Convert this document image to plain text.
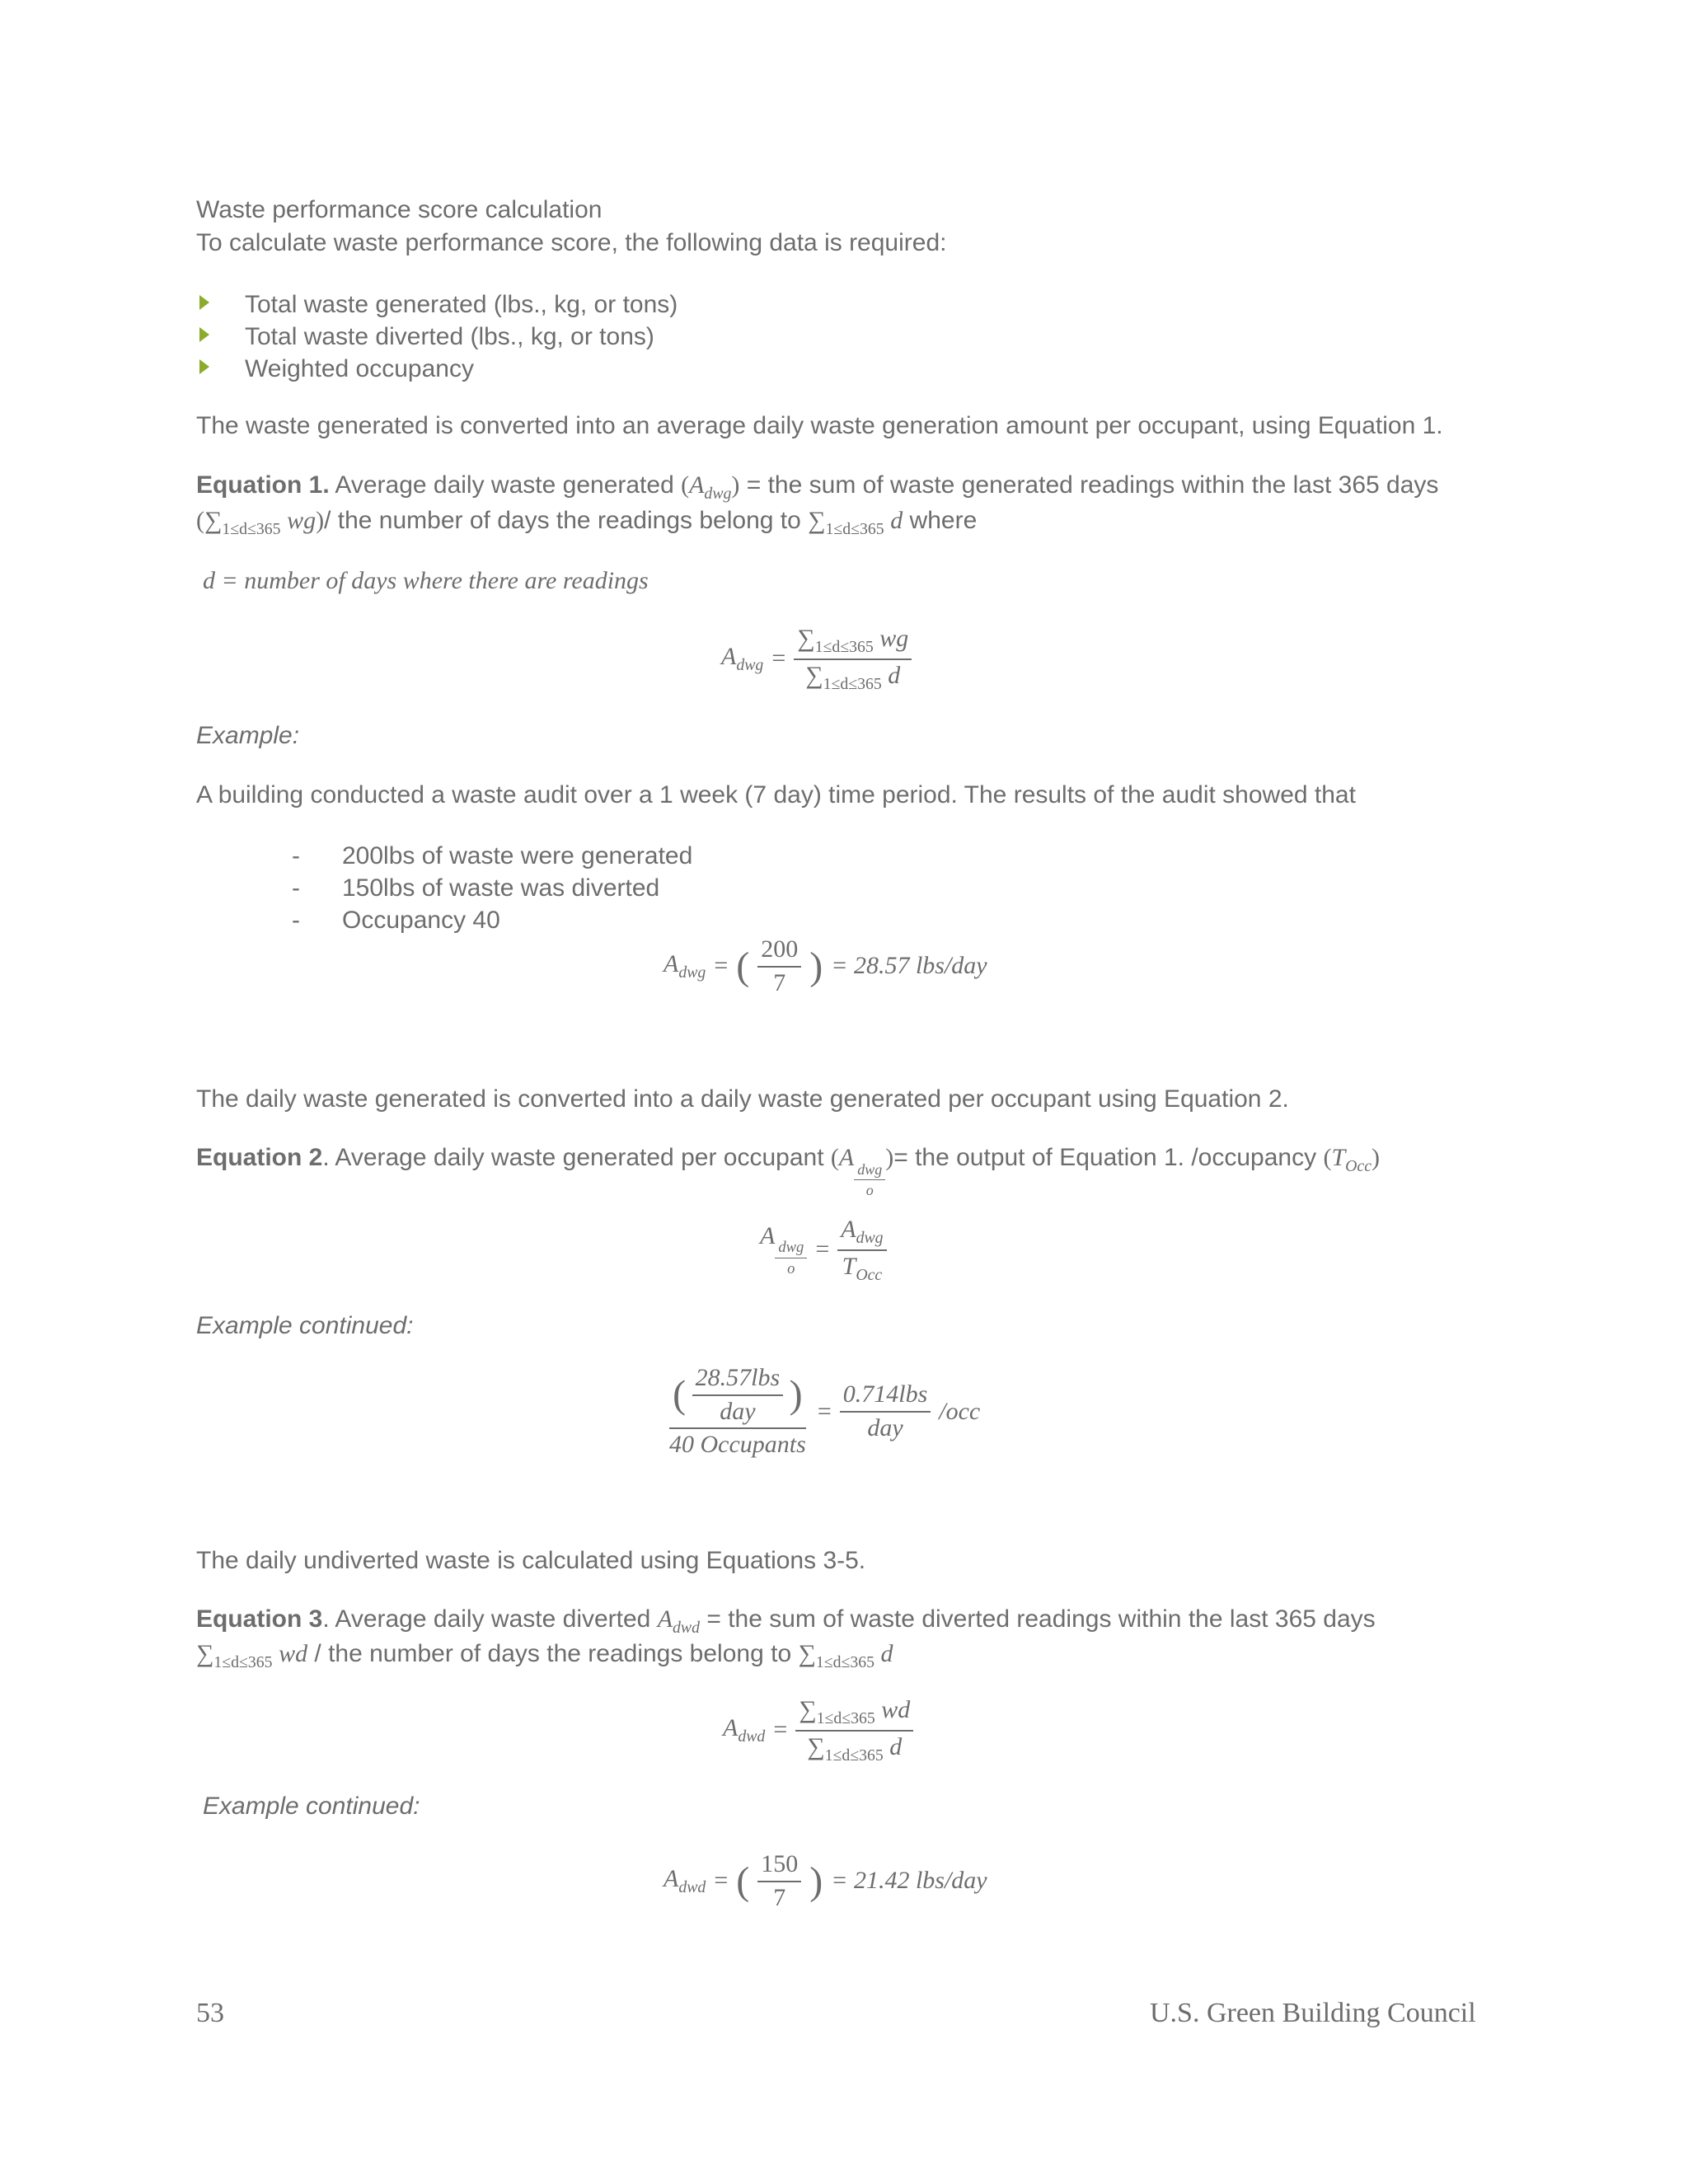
Waste performance score calculation
To calculate waste performance score, the following data is required:
Total waste generated (lbs., kg, or tons)
Total waste diverted (lbs., kg, or tons)
Weighted occupancy
The waste generated is converted into an average daily waste generation amount per occupant, using Equation 1.
Equation 1. Average daily waste generated $(A_{dwg})$ = the sum of waste generated readings within the last 365 days
($\sum_{1\le d\le 365}$ wg)/ the number of days the readings belong to $\sum_{1\le d\le 365}$ d where
d = number of days where there are readings
$A_{dwg} = \frac{\sum_{1\le d\le 365} wg}{\sum_{1\le d\le 365} d}$
Example:
A building conducted a waste audit over a 1 week (7 day) time period. The results of the audit showed that
- 200lbs of waste were generated
- 150lbs of waste was diverted
- Occupancy 40
$A_{dwg}$ = ( $\frac{200}{7}$ ) = 28.57 lbs/day
The daily waste generated is converted into a daily waste generated per occupant using Equation 2.
Equation 2. Average daily waste generated per occupant (A
$\frac{\text{dwg}}{o}$
)= the output of Equation 1. /occupancy $(T_{Occ})$
A
$\frac{\text{dwg}}{o} = \frac{A_{dwg}}{T_{Occ}}$
Example continued:
$\frac{( \frac{\text{28.57lbs}}{\text{day}} )}{\text{40 Occupants}} = \frac{\text{0.714lbs}}{\text{day}} /occ$
The daily undiverted waste is calculated using Equations 3-5.
Equation 3. Average daily waste diverted $A_{dwd}$ = the sum of waste diverted readings within the last 365 days
$\sum_{1\le d\le 365}$ wd / the number of days the readings belong to $\sum_{1\le d\le 365}$ d
$A_{dwd} = \frac{\sum_{1\le d\le 365} wd}{\sum_{1\le d\le 365} d}$
Example continued:
$A_{dwd}$ = ( $\frac{150}{7}$ ) = 21.42 lbs/day
53	U.S. Green Building Council
